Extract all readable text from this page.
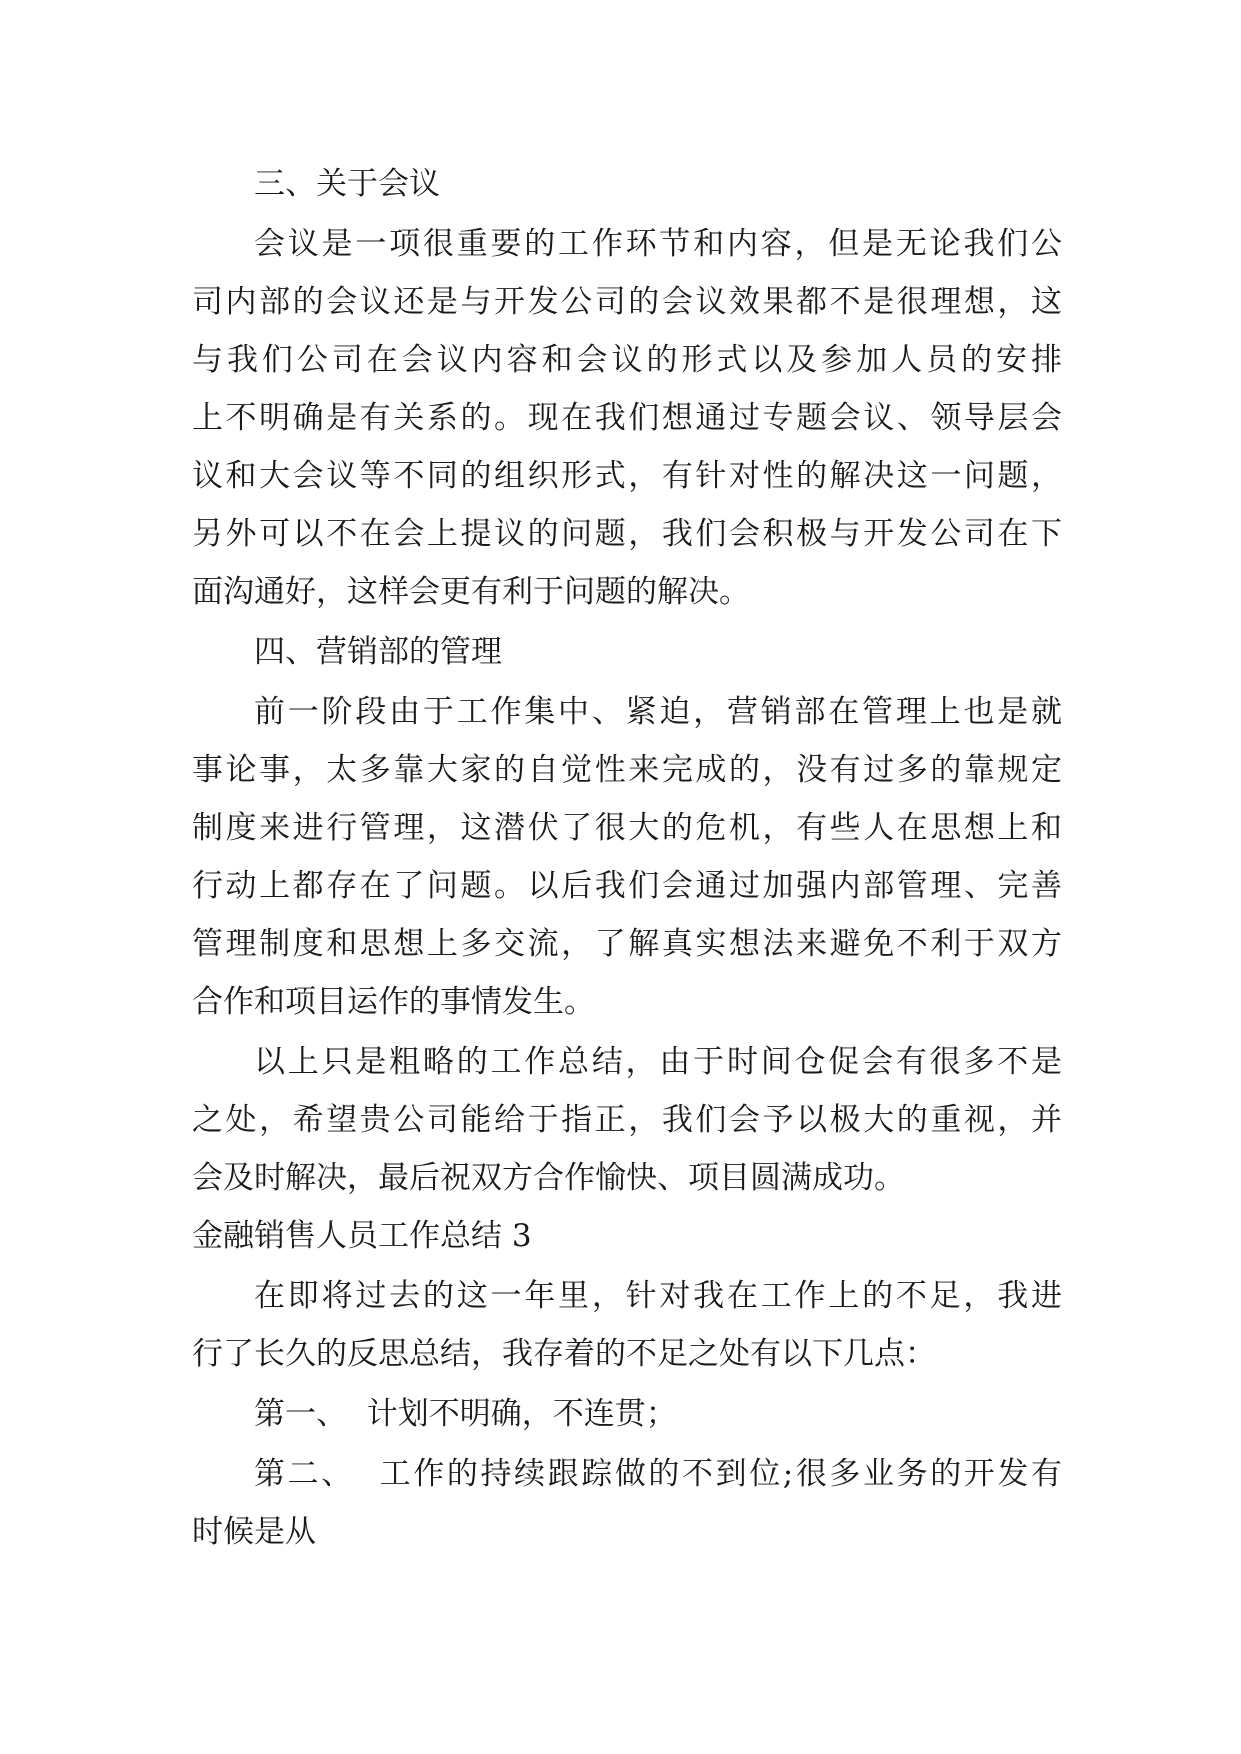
三、关于会议
会议是一项很重要的工作环节和内容，但是无论我们公
司内部的会议还是与开发公司的会议效果都不是很理想，这
与我们公司在会议内容和会议的形式以及参加人员的安排
上不明确是有关系的。现在我们想通过专题会议、领导层会
议和大会议等不同的组织形式，有针对性的解决这一问题，
另外可以不在会上提议的问题，我们会积极与开发公司在下
面沟通好，这样会更有利于问题的解决。
四、营销部的管理
前一阶段由于工作集中、紧迫，营销部在管理上也是就
事论事，太多靠大家的自觉性来完成的，没有过多的靠规定
制度来进行管理，这潜伏了很大的危机，有些人在思想上和
行动上都存在了问题。以后我们会通过加强内部管理、完善
管理制度和思想上多交流，了解真实想法来避免不利于双方
合作和项目运作的事情发生。
以上只是粗略的工作总结，由于时间仓促会有很多不是
之处，希望贵公司能给于指正，我们会予以极大的重视，并
会及时解决，最后祝双方合作愉快、项目圆满成功。
金融销售人员工作总结 3
在即将过去的这一年里，针对我在工作上的不足，我进
行了长久的反思总结，我存着的不足之处有以下几点：
第一、  计划不明确，不连贯；
第二、  工作的持续跟踪做的不到位;很多业务的开发有
时候是从
